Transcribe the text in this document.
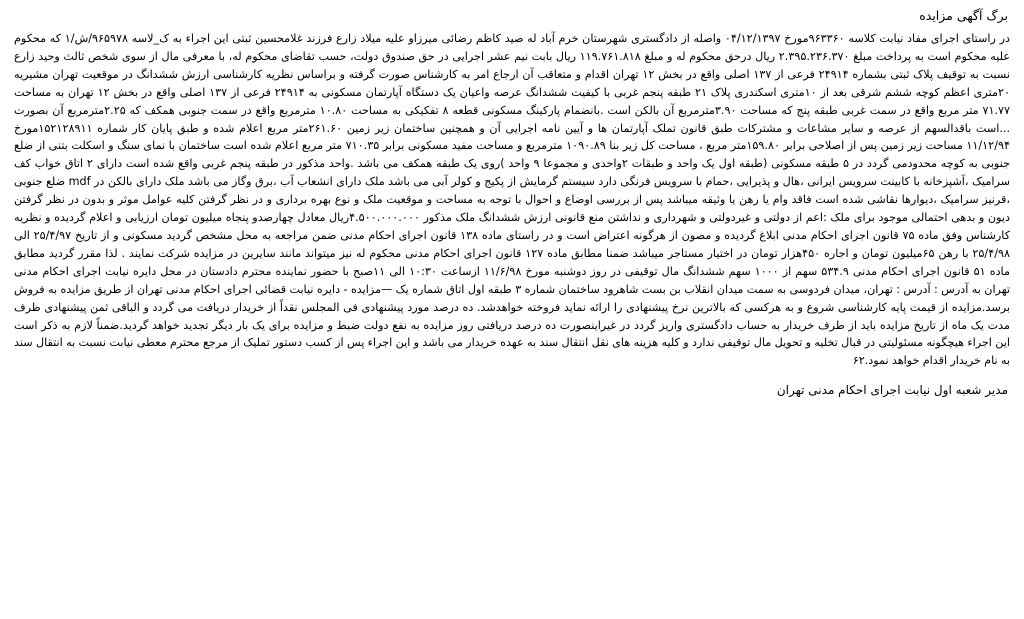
برگ آگهی مزایده

در راستای اجرای مفاد نیابت کلاسه ۹۶۳۳۶۰مورخ ۰۴/۱۲/۱۳۹۷ واصله از دادگستری شهرستان خرم آباد له صید کاظم رضائی میرزاو علیه میلاد زارع فرزند غلامحسین ثبتی این اجراء به ک_لاسه ۹۶۵۹۷۸/ش/۱ که محکوم علیه محکوم است به پرداخت مبلغ ۲.۳۹۵.۲۳۶.۳۷۰ ریال درحق محکوم له و مبلغ ۱۱۹.۷۶۱.۸۱۸ ریال بابت نیم عشر اجرایی در حق صندوق دولت، حسب تقاضای محکوم له، با معرفی مال از سوی شخص ثالث وحید زارع نسبت به توقیف پلاک ثبتی بشماره ۲۴۹۱۴ فرعی از ۱۳۷ اصلی واقع در بخش ۱۲ تهران اقدام و متعاقب آن ارجاع امر به کارشناس صورت گرفته و براساس نظریه کارشناسی ارزش ششدانگ در موقعیت تهران مشیریه ۲۰متری اعظم کوچه ششم شرقی بعد از ۱۰متری اسکندری پلاک ۲۱ طبقه پنجم غربی با کیفیت ششدانگ عرصه واعیان یک دستگاه آپارتمان مسکونی به ۲۴۹۱۴ فرعی از ۱۳۷ اصلی واقع در بخش ۱۲ تهران به مساحت ۷۱.۷۷ متر مربع واقع در سمت غربی طبقه پنج که مساحت ۳.۹۰مترمربع آن بالکن است .بانضمام پارکینگ مسکونی قطعه ۸ تفکیکی به مساحت ۱۰.۸۰ مترمربع واقع در سمت جنوبی همکف که ۲.۲۵مترمربع آن بصورت ...است باقدالسهم از عرصه و سایر مشاعات و مشترکات طبق قانون تملک آپارتمان ها و آیین نامه اجرایی آن و همچنین ساختمان زیر زمین ۲۶۱.۶۰متر مربع اعلام شده و طبق پایان کار شماره ۱۵۲۱۲۸۹۱۱مورخ ۱۱/۱۲/۹۴ مساحت زیر زمین پس از اصلاحی برابر ۱۵۹.۸۰متر مربع ، مساحت کل زیر بنا ۱۰۹۰.۸۹ مترمربع و مساحت مفید مسکونی برابر ۷۱۰.۳۵ متر مربع اعلام شده است ساختمان با نمای سنگ و اسکلت بتنی از ضلع جنوبی به کوچه محدودمی گردد در ۵ طبقه مسکونی (طبقه اول یک واحد و طبقات ۲واحدی و مجموعا ۹ واحد )روی یک طبقه همکف می باشد .واحد مذکور در طبقه پنجم غربی واقع شده است دارای ۲ اتاق خواب کف سرامیک ،آشپزخانه با کابینت سرویس ایرانی ،هال و پذیرایی ،حمام با سرویس فرنگی دارد سیستم گرمایش از پکیج و کولر آبی می باشد ملک دارای انشعاب آب ،برق وگاز می باشد ملک دارای بالکن در mdf ضلع جنوبی ،قرنیز سرامیک ،دیوارها نقاشی شده است فاقد وام یا رهن یا وثیقه میباشد پس از بررسی اوضاع و احوال با توجه به مساحت و موقعیت ملک و نوع بهره برداری و در نظر گرفتن کلیه عوامل موثر و بدون در نظر گرفتن دیون و بدهی احتمالی موجود برای ملک :اعم از دولتی و غیردولتی و شهرداری و نداشتن منع قانونی ارزش ششدانگ ملک مذکور ۴.۵۰۰.۰۰۰.۰۰۰ریال معادل چهارصدو پنجاه میلیون تومان ارزیابی و اعلام گردیده و نظریه کارشناس وفق ماده ۷۵ قانون اجرای احکام مدنی ابلاغ گردیده و مصون از هرگونه اعتراض است و در راستای ماده ۱۳۸ قانون اجرای احکام مدنی ضمن مراجعه به محل مشخص گردید مسکونی و از تاریخ ۲۵/۴/۹۷ الی ۲۵/۴/۹۸ با رهن ۶۵میلیون تومان و اجاره ۴۵۰هزار تومان در اختیار مستاجر میباشد ضمنا مطابق ماده ۱۲۷ قانون اجرای احکام مدنی محکوم له نیز میتواند مانند سایرین در مزایده شرکت نمایند . لذا مقرر گردید مطابق ماده ۵۱ قانون اجرای احکام مدنی ۵۳۴.۹ سهم از ۱۰۰۰ سهم ششدانگ مال توقیفی در روز دوشنبه مورخ ۱۱/۶/۹۸ ازساعت ۱۰:۳۰ الی ۱۱صبح با حضور نماینده محترم دادستان در محل دایره نیابت اجرای احکام مدنی تهران به آدرس : آدرس : تهران، میدان فردوسی به سمت میدان انقلاب بن بست شاهرود ساختمان شماره ۳ طبقه اول اتاق شماره یک —مزایده - دایره نیابت قضائی اجرای احکام مدنی تهران از طریق مزایده به فروش برسد.مزایده از قیمت پایه کارشناسی شروع و به هرکسی که بالاترین نرخ پیشنهادی را ارائه نماید فروخته خواهدشد. ده درصد مورد پیشنهادی فی المجلس نقداً از خریدار دریافت می گردد و الباقی ثمن پیشنهادی ظرف مدت یک ماه از تاریخ مزایده باید از طرف خریدار به حساب دادگستری واریز گردد در غیراینصورت ده درصد دریافتی روز مزایده به نفع دولت ضبط و مزایده برای یک بار دیگر تجدید خواهد گردید.ضمناً لازم به ذکر است این اجراء هیچگونه مسئولیتی در قبال تخلیه و تحویل مال توقیفی ندارد و کلیه هزینه های نقل انتقال سند به عهده خریدار می باشد و این اجراء پس از کسب دستور تملیک از مرجع محترم معطی نیابت نسبت به انتقال سند به نام خریدار اقدام خواهد نمود.۶۲

مدیر شعبه اول نیابت اجرای احکام مدنی تهران
